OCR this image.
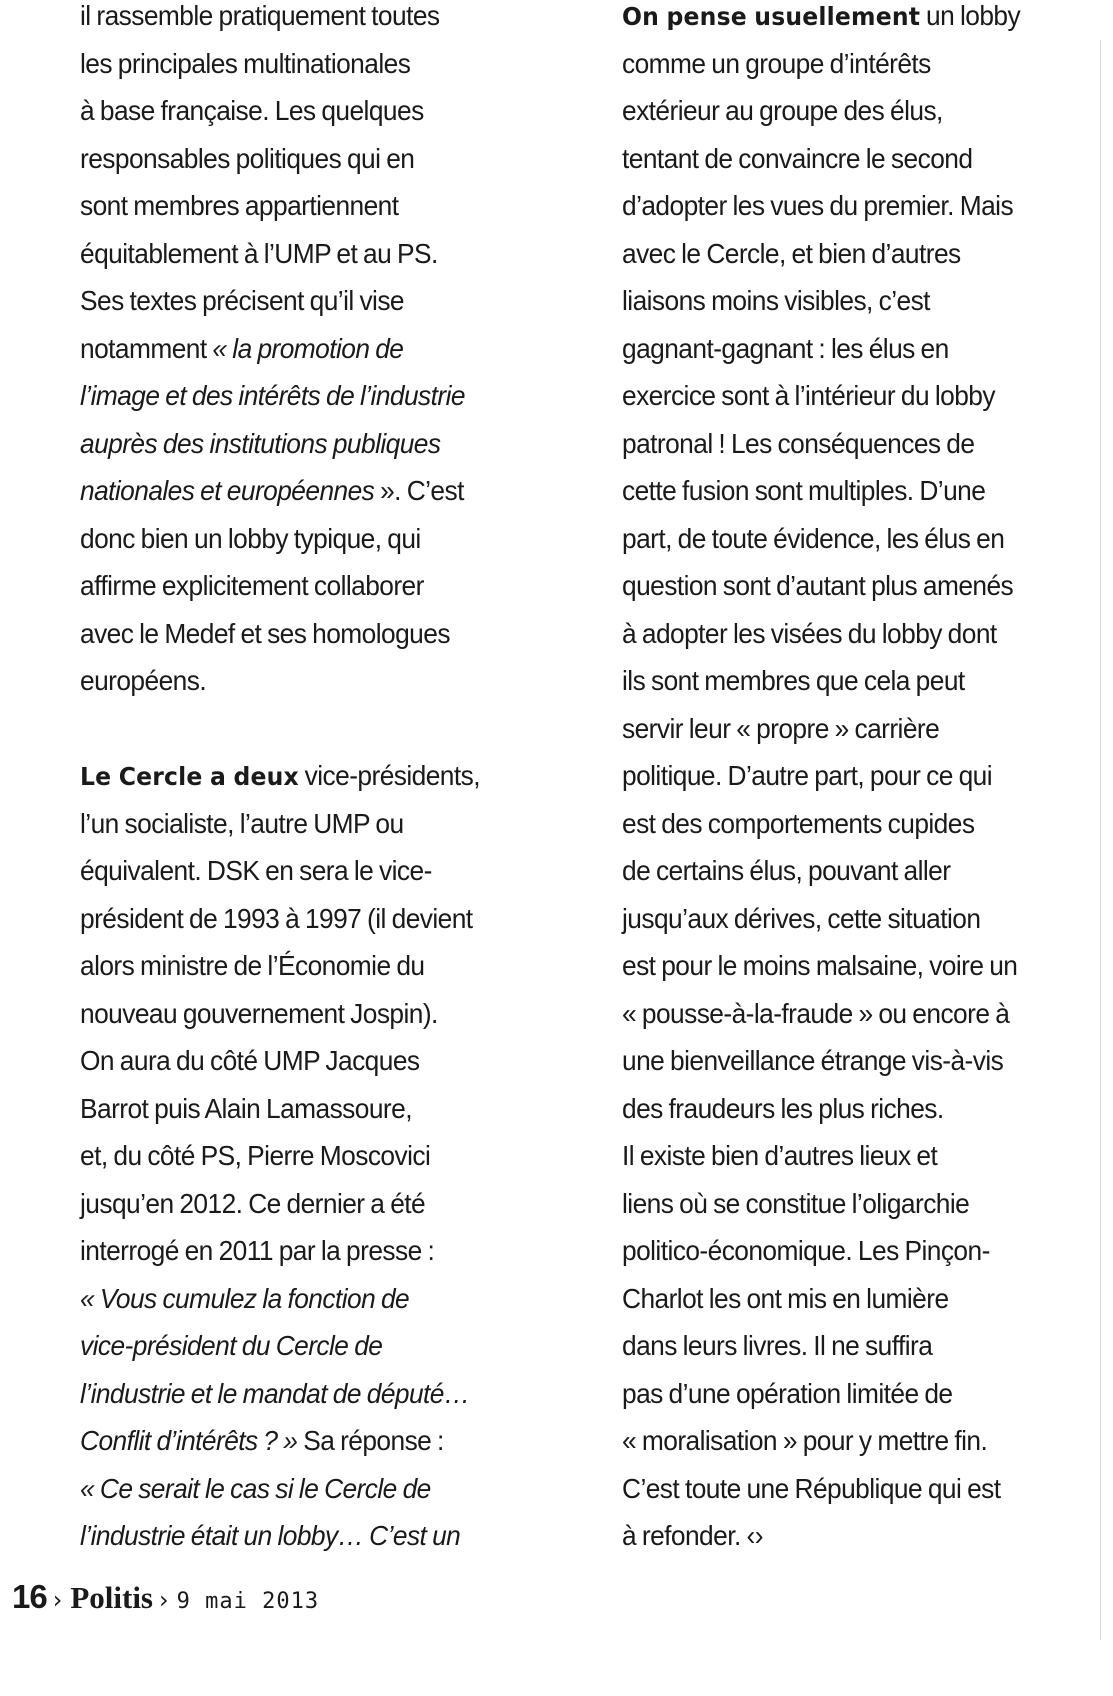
il rassemble pratiquement toutes
les principales multinationales
à base française. Les quelques
responsables politiques qui en
sont membres appartiennent
équitablement à l’UMP et au PS.
Ses textes précisent qu’il vise
notamment « la promotion de
l’image et des intérêts de l’industrie
auprès des institutions publiques
nationales et européennes ». C’est
donc bien un lobby typique, qui
affirme explicitement collaborer
avec le Medef et ses homologues
européens.
Le Cercle a deux vice-présidents,
l’un socialiste, l’autre UMP ou
équivalent. DSK en sera le vice-
président de 1993 à 1997 (il devient
alors ministre de l’Économie du
nouveau gouvernement Jospin).
On aura du côté UMP Jacques
Barrot puis Alain Lamassoure,
et, du côté PS, Pierre Moscovici
jusqu’en 2012. Ce dernier a été
interrogé en 2011 par la presse :
« Vous cumulez la fonction de
vice-président du Cercle de
l’industrie et le mandat de député…
Conflit d’intérêts ? » Sa réponse :
« Ce serait le cas si le Cercle de
l’industrie était un lobby… C’est un
On pense usuellement un lobby
comme un groupe d’intérêts
extérieur au groupe des élus,
tentant de convaincre le second
d’adopter les vues du premier. Mais
avec le Cercle, et bien d’autres
liaisons moins visibles, c’est
gagnant-gagnant : les élus en
exercice sont à l’intérieur du lobby
patronal ! Les conséquences de
cette fusion sont multiples. D’une
part, de toute évidence, les élus en
question sont d’autant plus amenés
à adopter les visées du lobby dont
ils sont membres que cela peut
servir leur « propre » carrière
politique. D’autre part, pour ce qui
est des comportements cupides
de certains élus, pouvant aller
jusqu’aux dérives, cette situation
est pour le moins malsaine, voire un
« pousse-à-la-fraude » ou encore à
une bienveillance étrange vis-à-vis
des fraudeurs les plus riches.
Il existe bien d’autres lieux et
liens où se constitue l’oligarchie
politico-économique. Les Pinçon-
Charlot les ont mis en lumière
dans leurs livres. Il ne suffira
pas d’une opération limitée de
« moralisation » pour y mettre fin.
C’est toute une République qui est
à refonder. ‹›
16 › Politis › 9 mai 2013
